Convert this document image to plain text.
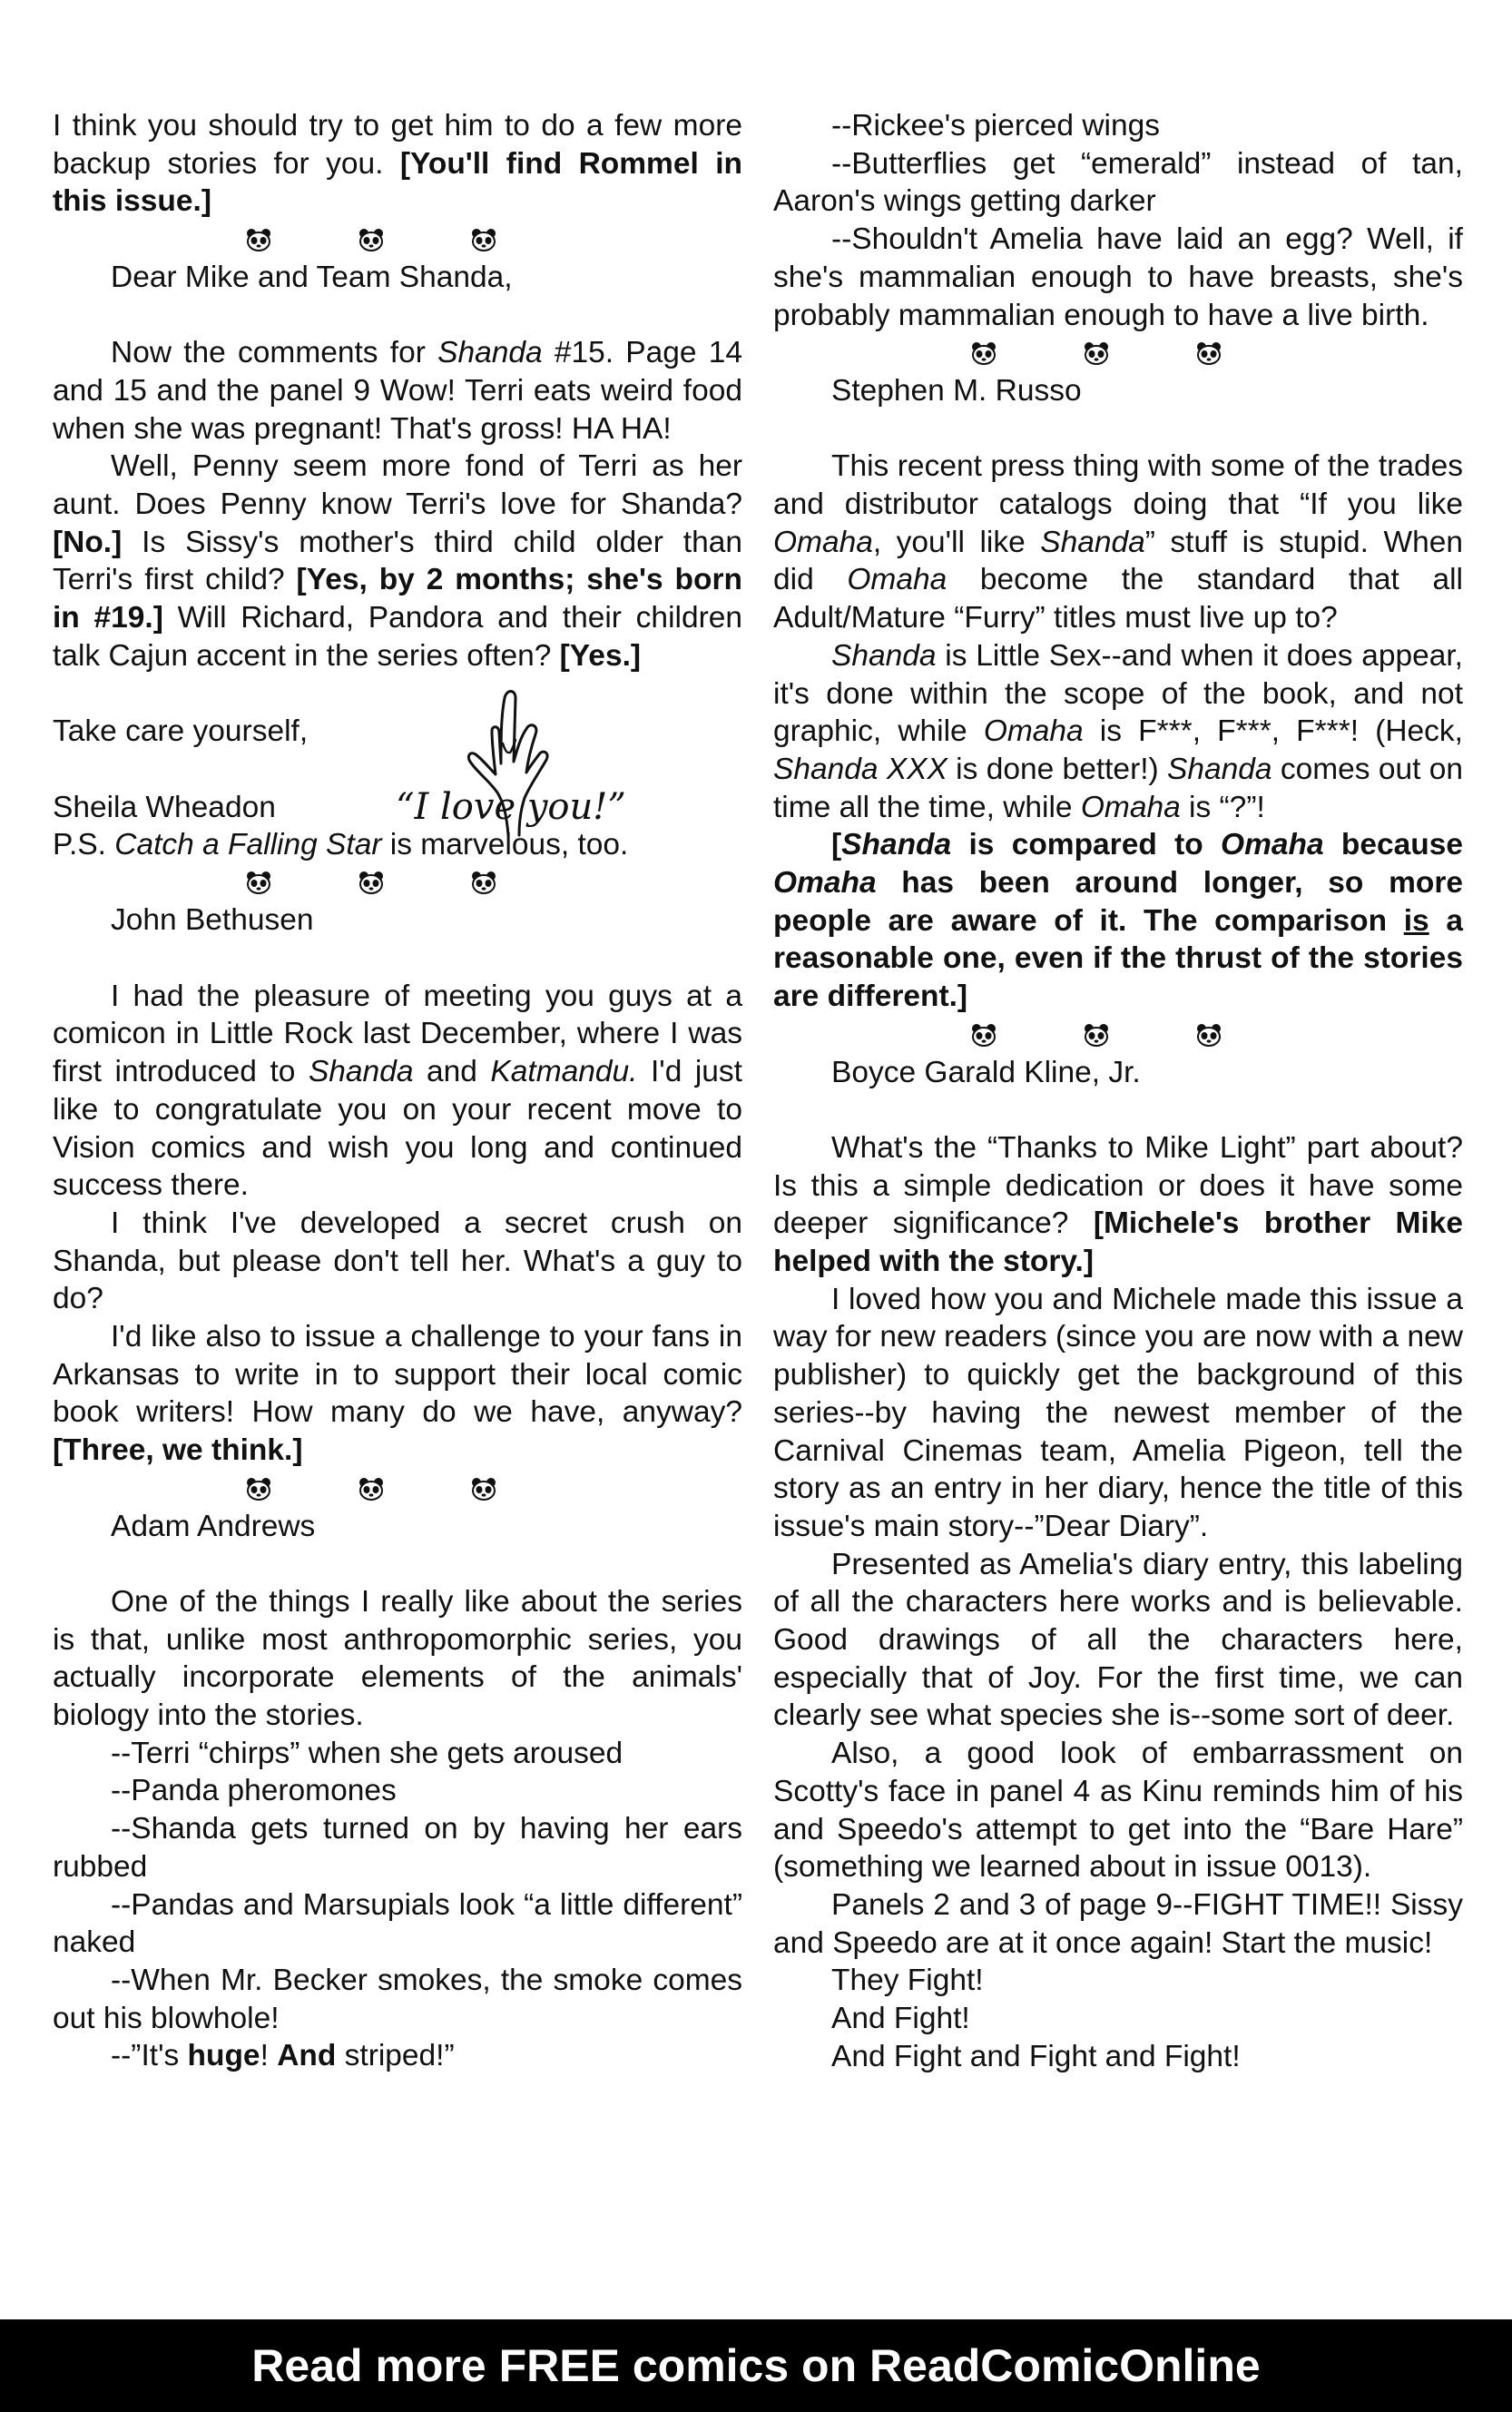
I think you should try to get him to do a few more backup stories for you. [You'll find Rommel in this issue.]

Dear Mike and Team Shanda,

Now the comments for Shanda #15. Page 14 and 15 and the panel 9 Wow! Terri eats weird food when she was pregnant! That's gross! HA HA!

Well, Penny seem more fond of Terri as her aunt. Does Penny know Terri's love for Shanda? [No.] Is Sissy's mother's third child older than Terri's first child? [Yes, by 2 months; she's born in #19.] Will Richard, Pandora and their children talk Cajun accent in the series often? [Yes.]

Take care yourself,

Sheila Wheadon	“I love you!”

P.S. Catch a Falling Star is marvelous, too.

John Bethusen

I had the pleasure of meeting you guys at a comicon in Little Rock last December, where I was first introduced to Shanda and Katmandu. I'd just like to congratulate you on your recent move to Vision comics and wish you long and continued success there.

I think I've developed a secret crush on Shanda, but please don't tell her. What's a guy to do?

I'd like also to issue a challenge to your fans in Arkansas to write in to support their local comic book writers! How many do we have, anyway? [Three, we think.]

Adam Andrews

One of the things I really like about the series is that, unlike most anthropomorphic series, you actually incorporate elements of the animals' biology into the stories.

--Terri “chirps” when she gets aroused

--Panda pheromones

--Shanda gets turned on by having her ears rubbed

--Pandas and Marsupials look “a little different” naked

--When Mr. Becker smokes, the smoke comes out his blowhole!

--”It's huge! And striped!”

--Rickee's pierced wings

--Butterflies get “emerald” instead of tan, Aaron's wings getting darker

--Shouldn't Amelia have laid an egg? Well, if she's mammalian enough to have breasts, she's probably mammalian enough to have a live birth.

Stephen M. Russo

This recent press thing with some of the trades and distributor catalogs doing that “If you like Omaha, you'll like Shanda” stuff is stupid. When did Omaha become the standard that all Adult/Mature “Furry” titles must live up to?

Shanda is Little Sex--and when it does appear, it's done within the scope of the book, and not graphic, while Omaha is F***, F***, F***! (Heck, Shanda XXX is done better!) Shanda comes out on time all the time, while Omaha is “?”!

[Shanda is compared to Omaha because Omaha has been around longer, so more people are aware of it. The comparison is a reasonable one, even if the thrust of the stories are different.]

Boyce Garald Kline, Jr.

What's the “Thanks to Mike Light” part about? Is this a simple dedication or does it have some deeper significance? [Michele's brother Mike helped with the story.]

I loved how you and Michele made this issue a way for new readers (since you are now with a new publisher) to quickly get the background of this series--by having the newest member of the Carnival Cinemas team, Amelia Pigeon, tell the story as an entry in her diary, hence the title of this issue's main story--”Dear Diary”.

Presented as Amelia's diary entry, this labeling of all the characters here works and is believable. Good drawings of all the characters here, especially that of Joy. For the first time, we can clearly see what species she is--some sort of deer.

Also, a good look of embarrassment on Scotty's face in panel 4 as Kinu reminds him of his and Speedo's attempt to get into the “Bare Hare” (something we learned about in issue 0013).

Panels 2 and 3 of page 9--FIGHT TIME!! Sissy and Speedo are at it once again! Start the music!

They Fight!

And Fight!

And Fight and Fight and Fight!

Read more FREE comics on ReadComicOnline
